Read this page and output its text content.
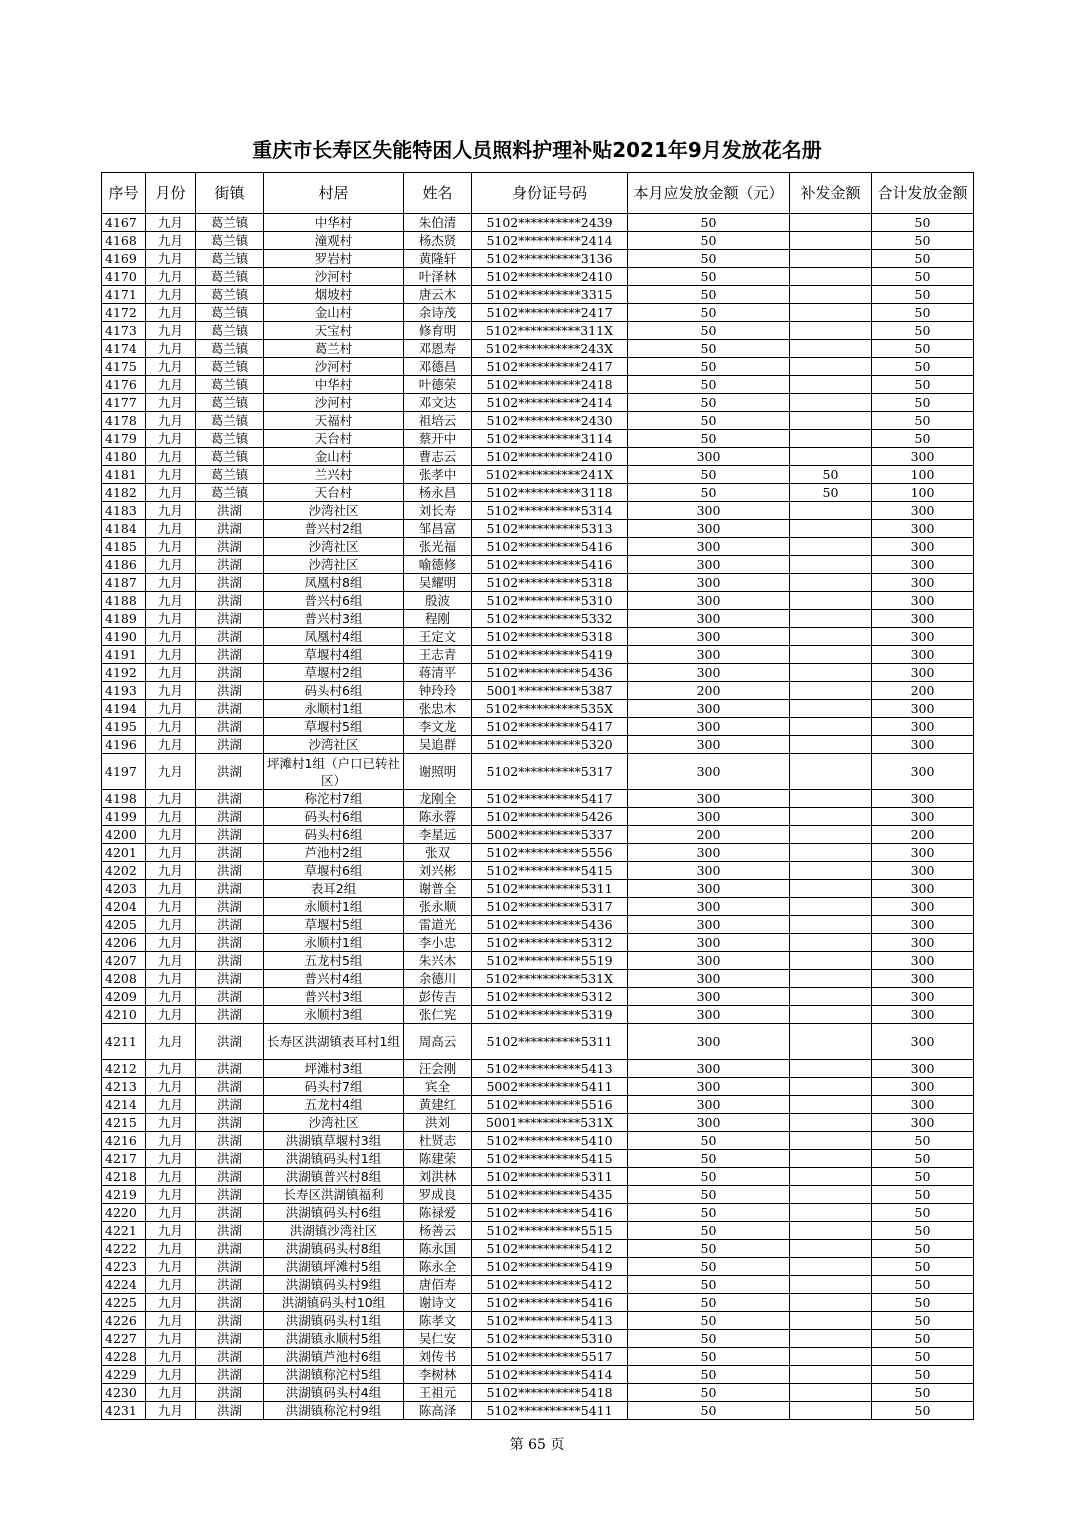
重庆市长寿区失能特困人员照料护理补贴2021年9月发放花名册
序号	月份	街镇	村居	姓名	身份证号码	本月应发放金额（元）	补发金额	合计发放金额
4167	九月	葛兰镇	中华村	朱伯清	5102**********2439	50		50
4168	九月	葛兰镇	潼观村	杨杰贤	5102**********2414	50		50
4169	九月	葛兰镇	罗岩村	黄隆轩	5102**********3136	50		50
4170	九月	葛兰镇	沙河村	叶泽林	5102**********2410	50		50
4171	九月	葛兰镇	烟坡村	唐云木	5102**********3315	50		50
4172	九月	葛兰镇	金山村	余诗茂	5102**********2417	50		50
4173	九月	葛兰镇	天宝村	修育明	5102**********311X	50		50
4174	九月	葛兰镇	葛兰村	邓恩寿	5102**********243X	50		50
4175	九月	葛兰镇	沙河村	邓德昌	5102**********2417	50		50
4176	九月	葛兰镇	中华村	叶德荣	5102**********2418	50		50
4177	九月	葛兰镇	沙河村	邓文达	5102**********2414	50		50
4178	九月	葛兰镇	天福村	祖培云	5102**********2430	50		50
4179	九月	葛兰镇	天台村	蔡开中	5102**********3114	50		50
4180	九月	葛兰镇	金山村	曹志云	5102**********2410	300		300
4181	九月	葛兰镇	兰兴村	张孝中	5102**********241X	50	50	100
4182	九月	葛兰镇	天台村	杨永昌	5102**********3118	50	50	100
4183	九月	洪湖	沙湾社区	刘长寿	5102**********5314	300		300
4184	九月	洪湖	普兴村2组	邹昌富	5102**********5313	300		300
4185	九月	洪湖	沙湾社区	张光福	5102**********5416	300		300
4186	九月	洪湖	沙湾社区	喻德修	5102**********5416	300		300
4187	九月	洪湖	凤凰村8组	吴耀明	5102**********5318	300		300
4188	九月	洪湖	普兴村6组	殷波	5102**********5310	300		300
4189	九月	洪湖	普兴村3组	程刚	5102**********5332	300		300
4190	九月	洪湖	凤凰村4组	王定文	5102**********5318	300		300
4191	九月	洪湖	草堰村4组	王志青	5102**********5419	300		300
4192	九月	洪湖	草堰村2组	蒋清平	5102**********5436	300		300
4193	九月	洪湖	码头村6组	钟玲玲	5001**********5387	200		200
4194	九月	洪湖	永顺村1组	张忠木	5102**********535X	300		300
4195	九月	洪湖	草堰村5组	李文龙	5102**********5417	300		300
4196	九月	洪湖	沙湾社区	吴追群	5102**********5320	300		300
4197	九月	洪湖	坪滩村1组（户口已转社区）	谢照明	5102**********5317	300		300
4198	九月	洪湖	称沱村7组	龙刚全	5102**********5417	300		300
4199	九月	洪湖	码头村6组	陈永蓉	5102**********5426	300		300
4200	九月	洪湖	码头村6组	李星远	5002**********5337	200		200
4201	九月	洪湖	芦池村2组	张双	5102**********5556	300		300
4202	九月	洪湖	草堰村6组	刘兴彬	5102**********5415	300		300
4203	九月	洪湖	表耳2组	谢普全	5102**********5311	300		300
4204	九月	洪湖	永顺村1组	张永顺	5102**********5317	300		300
4205	九月	洪湖	草堰村5组	雷道光	5102**********5436	300		300
4206	九月	洪湖	永顺村1组	李小忠	5102**********5312	300		300
4207	九月	洪湖	五龙村5组	朱兴木	5102**********5519	300		300
4208	九月	洪湖	普兴村4组	余德川	5102**********531X	300		300
4209	九月	洪湖	普兴村3组	彭传吉	5102**********5312	300		300
4210	九月	洪湖	永顺村3组	张仁宪	5102**********5319	300		300
4211	九月	洪湖	长寿区洪湖镇表耳村1组	周高云	5102**********5311	300		300
4212	九月	洪湖	坪滩村3组	汪会刚	5102**********5413	300		300
4213	九月	洪湖	码头村7组	宾全	5002**********5411	300		300
4214	九月	洪湖	五龙村4组	黄建红	5102**********5516	300		300
4215	九月	洪湖	沙湾社区	洪刘	5001**********531X	300		300
4216	九月	洪湖	洪湖镇草堰村3组	杜贤志	5102**********5410	50		50
4217	九月	洪湖	洪湖镇码头村1组	陈建荣	5102**********5415	50		50
4218	九月	洪湖	洪湖镇普兴村8组	刘洪林	5102**********5311	50		50
4219	九月	洪湖	长寿区洪湖镇福利	罗成良	5102**********5435	50		50
4220	九月	洪湖	洪湖镇码头村6组	陈禄爱	5102**********5416	50		50
4221	九月	洪湖	洪湖镇沙湾社区	杨善云	5102**********5515	50		50
4222	九月	洪湖	洪湖镇码头村8组	陈永国	5102**********5412	50		50
4223	九月	洪湖	洪湖镇坪滩村5组	陈永全	5102**********5419	50		50
4224	九月	洪湖	洪湖镇码头村9组	唐佰寿	5102**********5412	50		50
4225	九月	洪湖	洪湖镇码头村10组	谢诗文	5102**********5416	50		50
4226	九月	洪湖	洪湖镇码头村1组	陈孝文	5102**********5413	50		50
4227	九月	洪湖	洪湖镇永顺村5组	吴仁安	5102**********5310	50		50
4228	九月	洪湖	洪湖镇芦池村6组	刘传书	5102**********5517	50		50
4229	九月	洪湖	洪湖镇称沱村5组	李树林	5102**********5414	50		50
4230	九月	洪湖	洪湖镇码头村4组	王祖元	5102**********5418	50		50
4231	九月	洪湖	洪湖镇称沱村9组	陈高泽	5102**********5411	50		50
第 65 页
